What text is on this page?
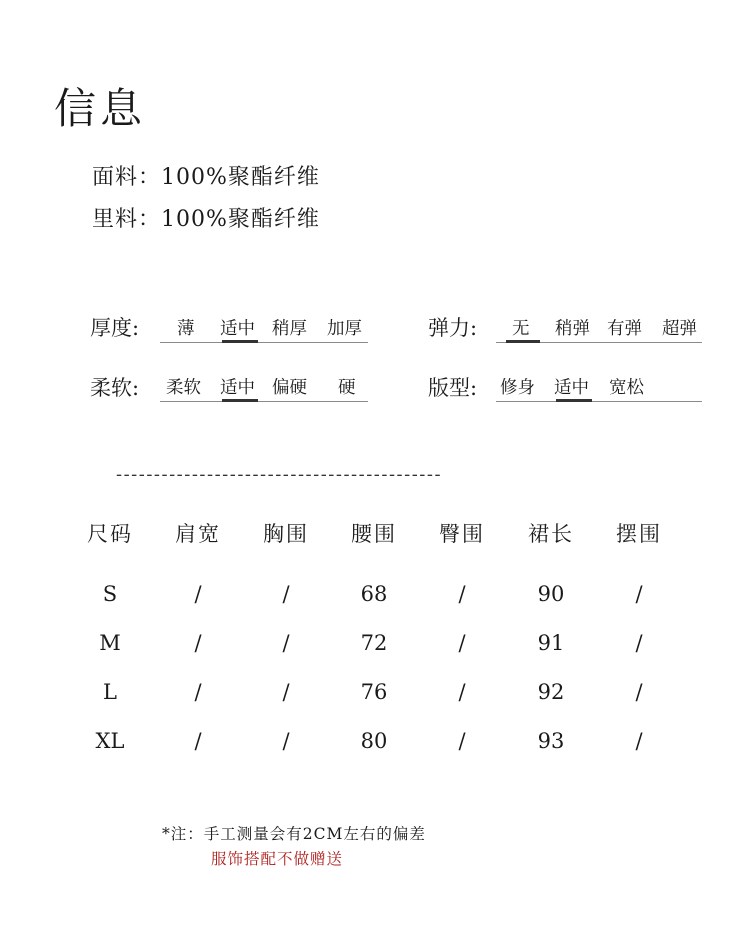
信息
面料：100%聚酯纤维
里料：100%聚酯纤维
厚度: 薄 适中 稍厚 加厚	弹力: 无 稍弹 有弹 超弹
柔软: 柔软 适中 偏硬 硬	版型: 修身 适中 宽松
-------------------------------------------
尺码 肩宽 胸围 腰围 臀围 裙长 摆围
S	/	/	68	/	90	/
M	/	/	72	/	91	/
L	/	/	76	/	92	/
XL	/	/	80	/	93	/
*注：手工测量会有2CM左右的偏差
服饰搭配不做赠送
